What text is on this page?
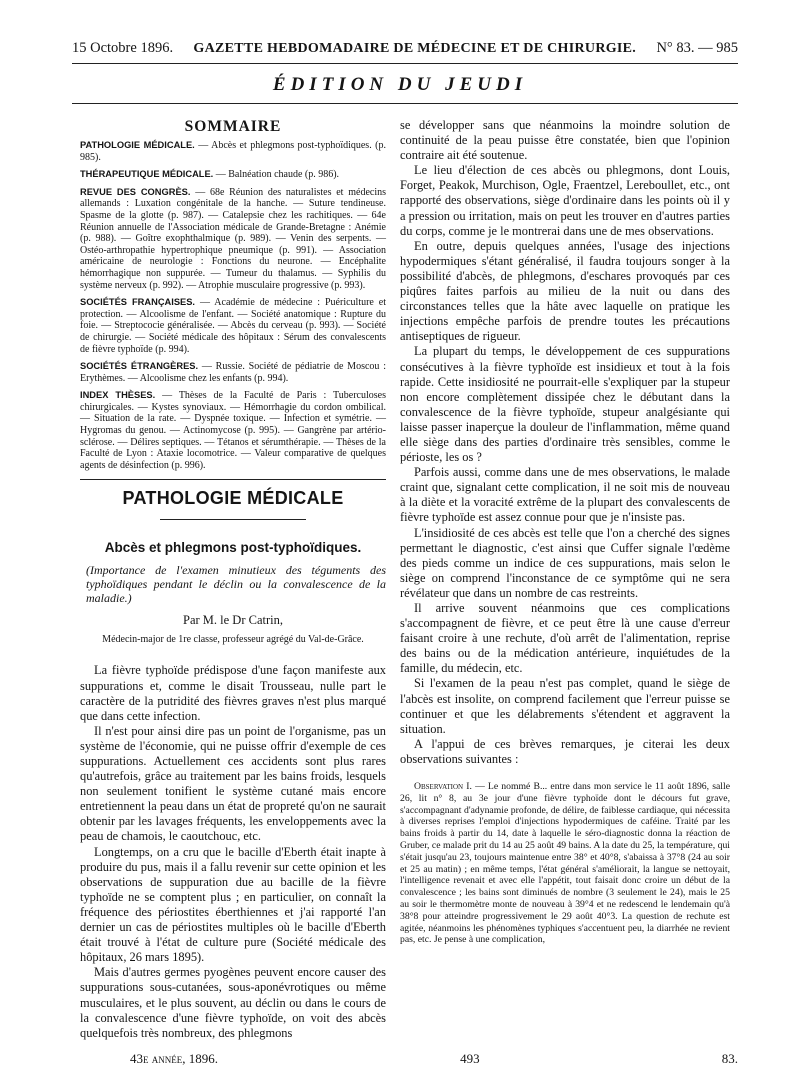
15 Octobre 1896. GAZETTE HEBDOMADAIRE DE MÉDECINE ET DE CHIRURGIE. N° 83. — 985
ÉDITION DU JEUDI
SOMMAIRE

PATHOLOGIE MÉDICALE. — Abcès et phlegmons post-typhoïdiques. (p. 985).

THÉRAPEUTIQUE MÉDICALE. — Balnéation chaude (p. 986).

REVUE DES CONGRÈS. — 68e Réunion des naturalistes et médecins allemands : Luxation congénitale de la hanche. — Suture tendineuse. Spasme de la glotte (p. 987). — Catalepsie chez les rachitiques. — 64e Réunion annuelle de l'Association médicale de Grande-Bretagne : Anémie (p. 988). — Goître exophthalmique (p. 989). — Venin des serpents. — Ostéo-arthropathie hypertrophique pneumique (p. 991). — Association américaine de neurologie : Fonctions du neurone. — Encéphalite hémorrhagique non suppurée. — Tumeur du thalamus. — Syphilis du système nerveux (p. 992). — Atrophie musculaire progressive (p. 993).

SOCIÉTÉS FRANÇAISES. — Académie de médecine : Puériculture et protection. — Alcoolisme de l'enfant. — Société anatomique : Rupture du foie. — Streptococie généralisée. — Abcès du cerveau (p. 993). — Société de chirurgie. — Société médicale des hôpitaux : Sérum des convalescents de fièvre typhoïde (p. 994).

SOCIÉTÉS ÉTRANGÈRES. — Russie. Société de pédiatrie de Moscou : Erythèmes. — Alcoolisme chez les enfants (p. 994).

INDEX THÈSES. — Thèses de la Faculté de Paris : Tuberculoses chirurgicales. — Kystes synoviaux. — Hémorrhagie du cordon ombilical. — Situation de la rate. — Dyspnée toxique. — Infection et symétrie. — Hygromas du genou. — Actinomycose (p. 995). — Gangrène par artério-sclérose. — Délires septiques. — Tétanos et sérumthérapie. — Thèses de la Faculté de Lyon : Ataxie locomotrice. — Valeur comparative de quelques agents de désinfection (p. 996).

PATHOLOGIE MÉDICALE
Abcès et phlegmons post-typhoïdiques.
(Importance de l'examen minutieux des téguments des typhoïdiques pendant le déclin ou la convalescence de la maladie.)
Par M. le Dr Catrin,
Médecin-major de 1re classe, professeur agrégé du Val-de-Grâce.

La fièvre typhoïde prédispose d'une façon manifeste aux suppurations et, comme le disait Trousseau, nulle part le caractère de la putridité des fièvres graves n'est plus marqué que dans cette infection.

Il n'est pour ainsi dire pas un point de l'organisme, pas un système de l'économie, qui ne puisse offrir d'exemple de ces suppurations. Actuellement ces accidents sont plus rares qu'autrefois, grâce au traitement par les bains froids, lesquels non seulement tonifient le système cutané mais encore entretiennent la peau dans un état de propreté qu'on ne saurait obtenir par les lavages fréquents, les enveloppements avec la peau de chamois, le caoutchouc, etc.

Longtemps, on a cru que le bacille d'Eberth était inapte à produire du pus, mais il a fallu revenir sur cette opinion et les observations de suppuration due au bacille de la fièvre typhoïde ne se comptent plus ; en particulier, on connaît la fréquence des périostites éberthiennes et j'ai rapporté l'an dernier un cas de périostites multiples où le bacille d'Eberth était trouvé à l'état de culture pure (Société médicale des hôpitaux, 26 mars 1895).

Mais d'autres germes pyogènes peuvent encore causer des suppurations sous-cutanées, sous-aponévrotiques ou même musculaires, et le plus souvent, au déclin ou dans le cours de la convalescence d'une fièvre typhoïde, on voit des abcès quelquefois très nombreux, des phlegmons

se développer sans que néanmoins la moindre solution de continuité de la peau puisse être constatée, bien que l'opinion contraire ait été soutenue.

Le lieu d'élection de ces abcès ou phlegmons, dont Louis, Forget, Peakok, Murchison, Ogle, Fraentzel, Lereboullet, etc., ont rapporté des observations, siège d'ordinaire dans les points où il y a pression ou irritation, mais on peut les trouver en d'autres parties du corps, comme je le montrerai dans une de mes observations.

En outre, depuis quelques années, l'usage des injections hypodermiques s'étant généralisé, il faudra toujours songer à la possibilité d'abcès, de phlegmons, d'eschares provoqués par ces piqûres faites parfois au milieu de la nuit ou dans des circonstances telles que la hâte avec laquelle on pratique les injections empêche parfois de prendre toutes les précautions antiseptiques de rigueur.

La plupart du temps, le développement de ces suppurations consécutives à la fièvre typhoïde est insidieux et tout à la fois rapide. Cette insidiosité ne pourrait-elle s'expliquer par la stupeur non encore complètement dissipée chez le débutant dans la convalescence de la fièvre typhoïde, stupeur analgésiante qui laisse passer inaperçue la douleur de l'inflammation, même quand elle siège dans des parties d'ordinaire très sensibles, comme le périoste, les os ?

Parfois aussi, comme dans une de mes observations, le malade craint que, signalant cette complication, il ne soit mis de nouveau à la diète et la voracité extrême de la plupart des convalescents de fièvre typhoïde est assez connue pour que je n'insiste pas.

L'insidiosité de ces abcès est telle que l'on a cherché des signes permettant le diagnostic, c'est ainsi que Cuffer signale l'œdème des pieds comme un indice de ces suppurations, mais selon le siège on comprend l'inconstance de ce symptôme qui ne sera révélateur que dans un nombre de cas restreints.

Il arrive souvent néanmoins que ces complications s'accompagnent de fièvre, et ce peut être là une cause d'erreur faisant croire à une rechute, d'où arrêt de l'alimentation, reprise des bains ou de la médication antérieure, inquiétudes de la famille, du médecin, etc.

Si l'examen de la peau n'est pas complet, quand le siège de l'abcès est insolite, on comprend facilement que l'erreur puisse se continuer et que les délabrements s'étendent et aggravent la situation.

A l'appui de ces brèves remarques, je citerai les deux observations suivantes :

Observation I. — Le nommé B... entre dans mon service le 11 août 1896, salle 26, lit n° 8, au 3e jour d'une fièvre typhoïde dont le décours fut grave, s'accompagnant d'adynamie profonde, de délire, de faiblesse cardiaque, qui nécessita à diverses reprises l'emploi d'injections hypodermiques de caféine. Traité par les bains froids à partir du 14, date à laquelle le séro-diagnostic donna la réaction de Gruber, ce malade prit du 14 au 25 août 49 bains. A la date du 25, la température, qui s'était jusqu'au 23, toujours maintenue entre 38° et 40°8, s'abaissa à 37°8 (24 au soir et 25 au matin) ; en même temps, l'état général s'améliorait, la langue se nettoyait, l'intelligence revenait et avec elle l'appétit, tout faisait donc croire un début de la convalescence ; les bains sont diminués de nombre (3 seulement le 24), mais le 25 au soir le thermomètre monte de nouveau à 39°4 et ne redescend le lendemain qu'à 38°8 pour atteindre progressivement le 29 août 40°3. La question de rechute est agitée, néanmoins les phénomènes typhiques s'accentuent peu, la diarrhée ne revient pas, etc. Je pense à une complication,
43e année, 1896.	493	83.
